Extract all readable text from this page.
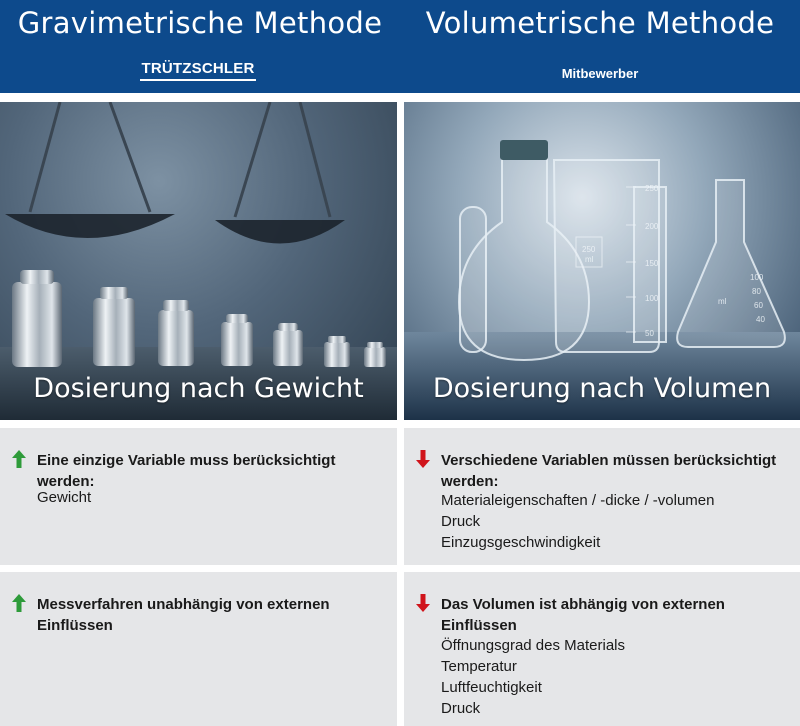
Gravimetrische Methode	Volumetrische Methode
TRÜTZSCHLER	Mitbewerber
Dosierung nach Gewicht
250
200
150
100
50
250
ml
100
80
60
40
ml
Dosierung nach Volumen
Eine einzige Variable muss berücksichtigt werden:
Gewicht
Verschiedene Variablen müssen berücksichtigt werden:
Materialeigenschaften / -dicke / -volumen
Druck
Einzugsgeschwindigkeit
Messverfahren unabhängig von externen Einflüssen
Das Volumen ist abhängig von externen Einflüssen
Öffnungsgrad des Materials
Temperatur
Luftfeuchtigkeit
Druck
